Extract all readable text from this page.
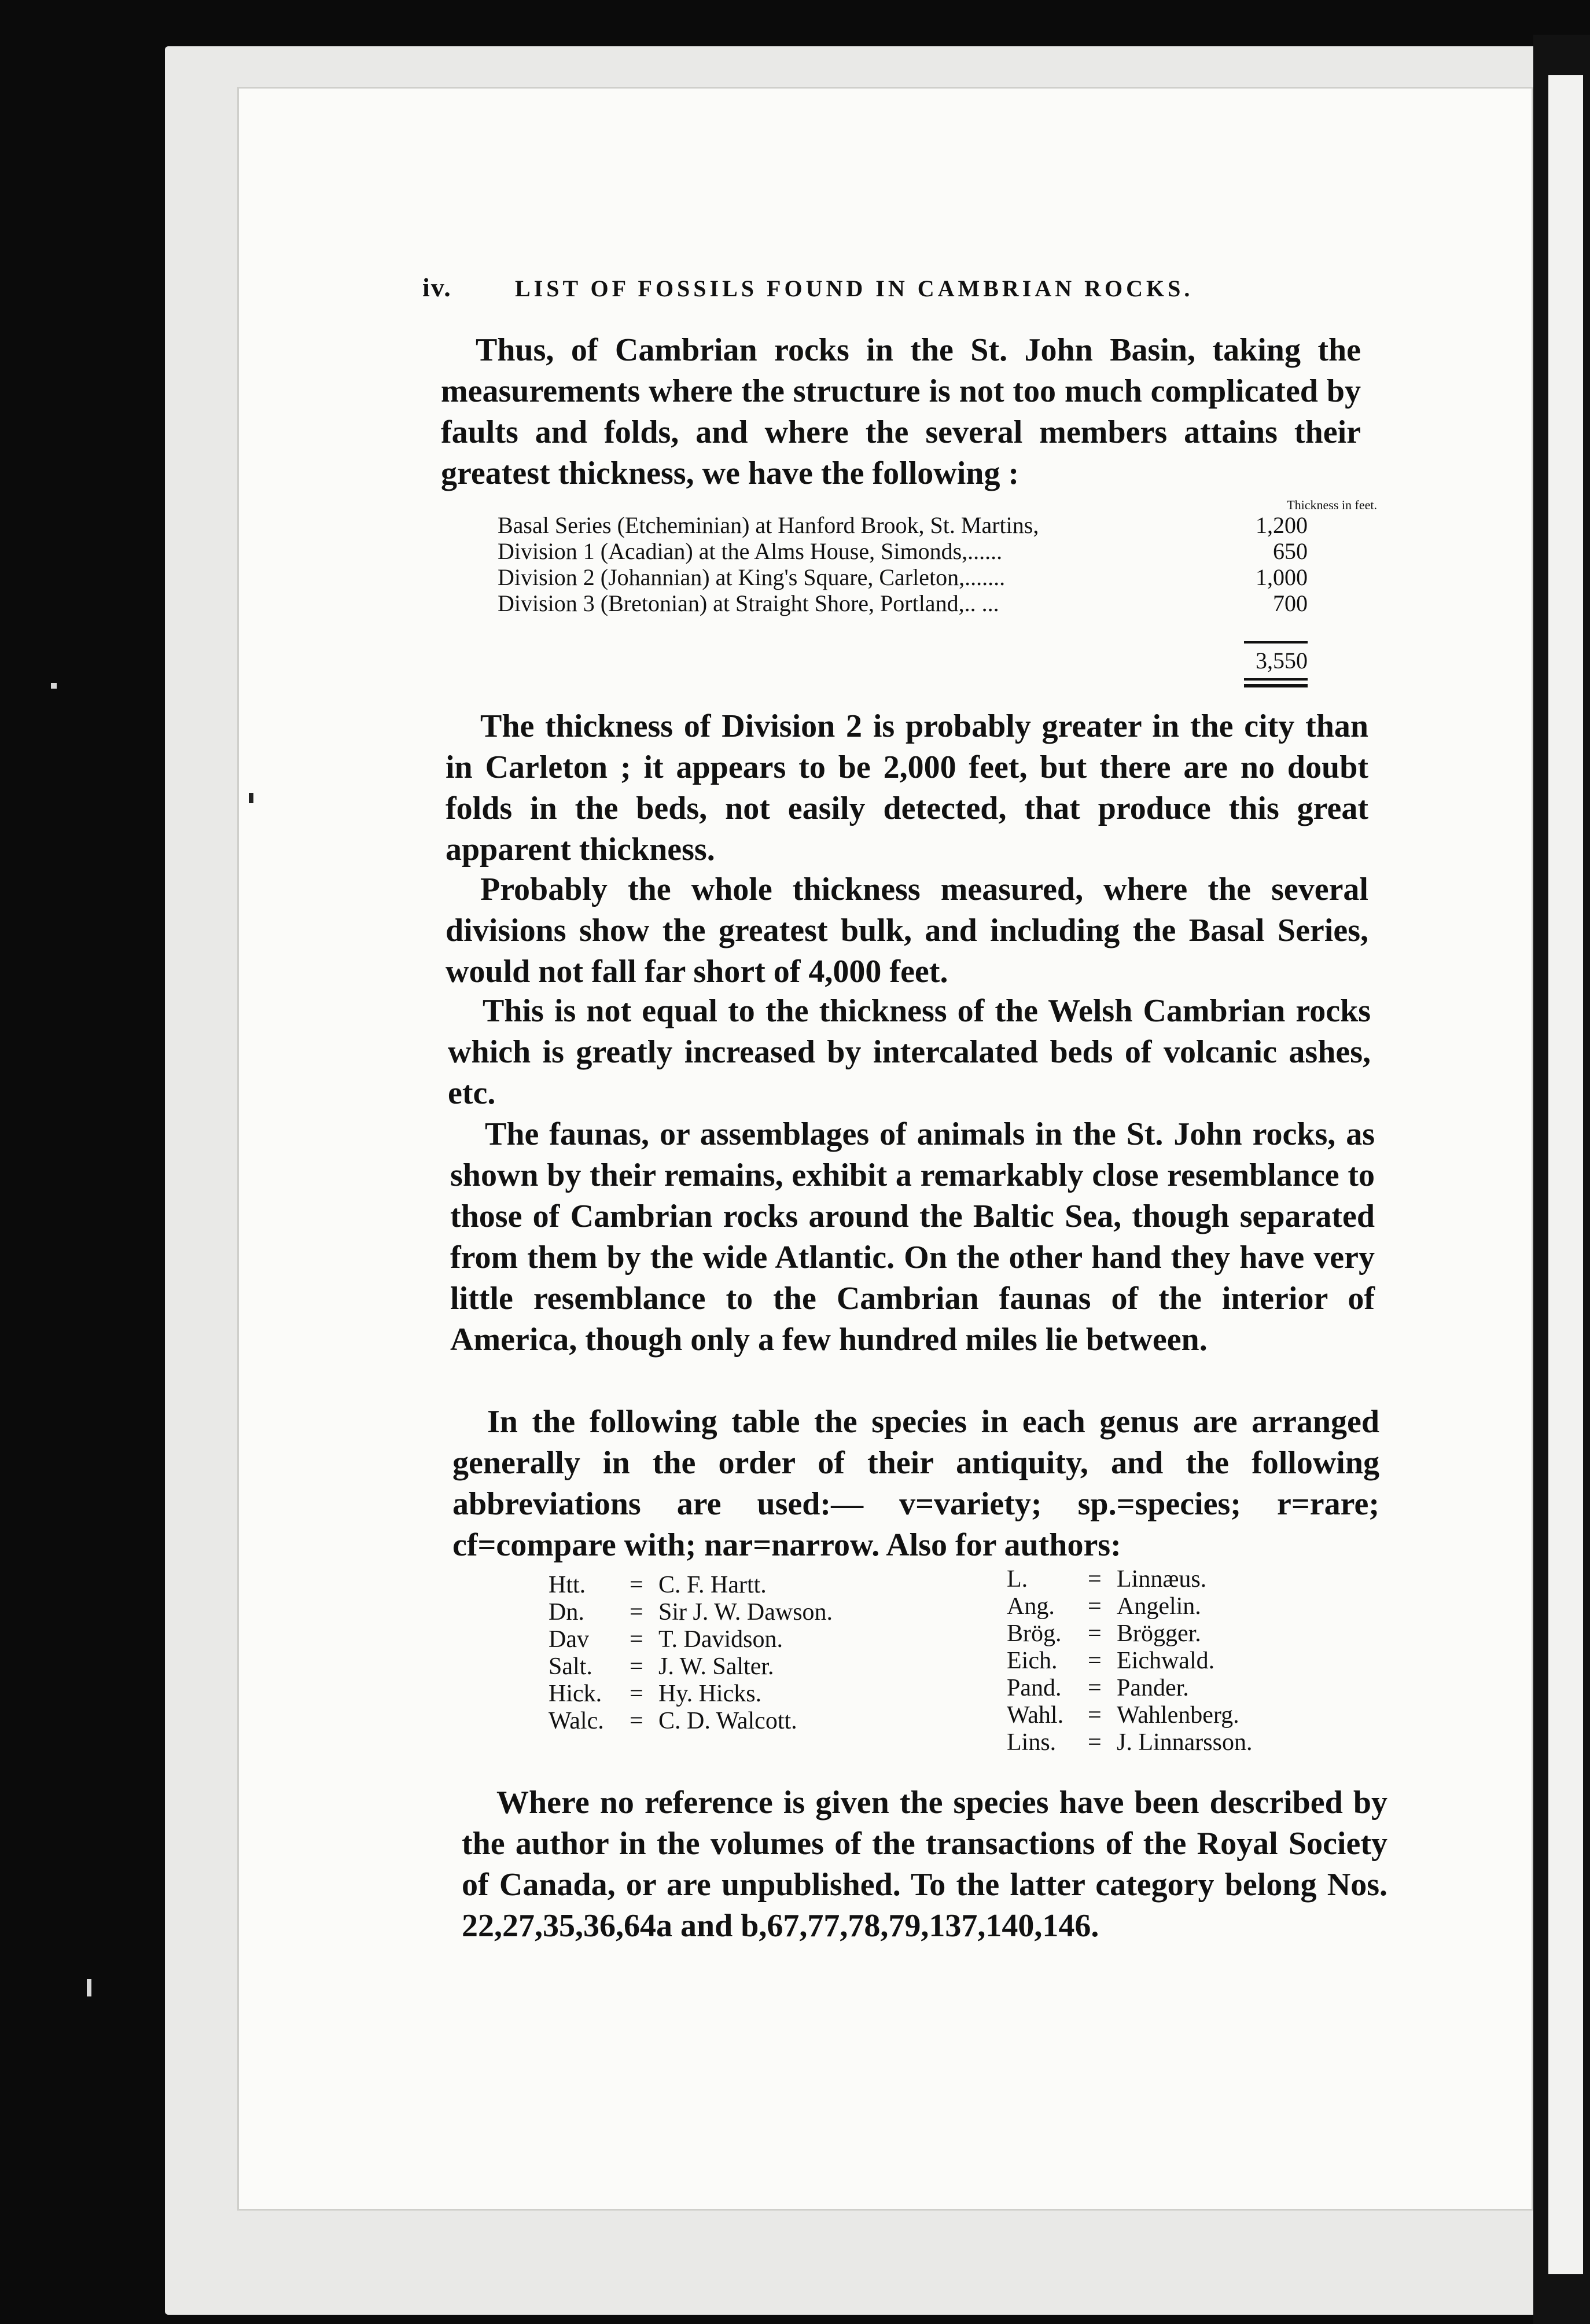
iv.	LIST OF FOSSILS FOUND IN CAMBRIAN ROCKS.
Thus, of Cambrian rocks in the St. John Basin, taking the measurements where the structure is not too much complicated by faults and folds, and where the several members attains their greatest thickness, we have the following :
Thickness in feet.
Basal Series (Etcheminian) at Hanford Brook, St. Martins,	1,200
Division 1 (Acadian) at the Alms House, Simonds,......	650
Division 2 (Johannian) at King's Square, Carleton,.......	1,000
Division 3 (Bretonian) at Straight Shore, Portland,.. ...	700
3,550
The thickness of Division 2 is probably greater in the city than in Carleton ; it appears to be 2,000 feet, but there are no doubt folds in the beds, not easily detected, that produce this great apparent thickness.
Probably the whole thickness measured, where the several divisions show the greatest bulk, and including the Basal Series, would not fall far short of 4,000 feet.
This is not equal to the thickness of the Welsh Cambrian rocks which is greatly increased by intercalated beds of volcanic ashes, etc.
The faunas, or assemblages of animals in the St. John rocks, as shown by their remains, exhibit a remarkably close resemblance to those of Cambrian rocks around the Baltic Sea, though separated from them by the wide Atlantic. On the other hand they have very little resemblance to the Cambrian faunas of the interior of America, though only a few hundred miles lie between.
In the following table the species in each genus are arranged generally in the order of their antiquity, and the following abbreviations are used:— v=variety; sp.=species; r=rare; cf=compare with; nar=narrow. Also for authors:
Htt.	= C. F. Hartt.
Dn.	= Sir J. W. Dawson.
Dav	= T. Davidson.
Salt.	= J. W. Salter.
Hick.	= Hy. Hicks.
Walc.	= C. D. Walcott.
L.	= Linnæus.
Ang.	= Angelin.
Brög.	= Brögger.
Eich.	= Eichwald.
Pand.	= Pander.
Wahl. = Wahlenberg.
Lins.	= J. Linnarsson.
Where no reference is given the species have been described by the author in the volumes of the transactions of the Royal Society of Canada, or are unpublished. To the latter category belong Nos. 22,27,35,36,64a and b,67,77,78,79,137,140,146.
